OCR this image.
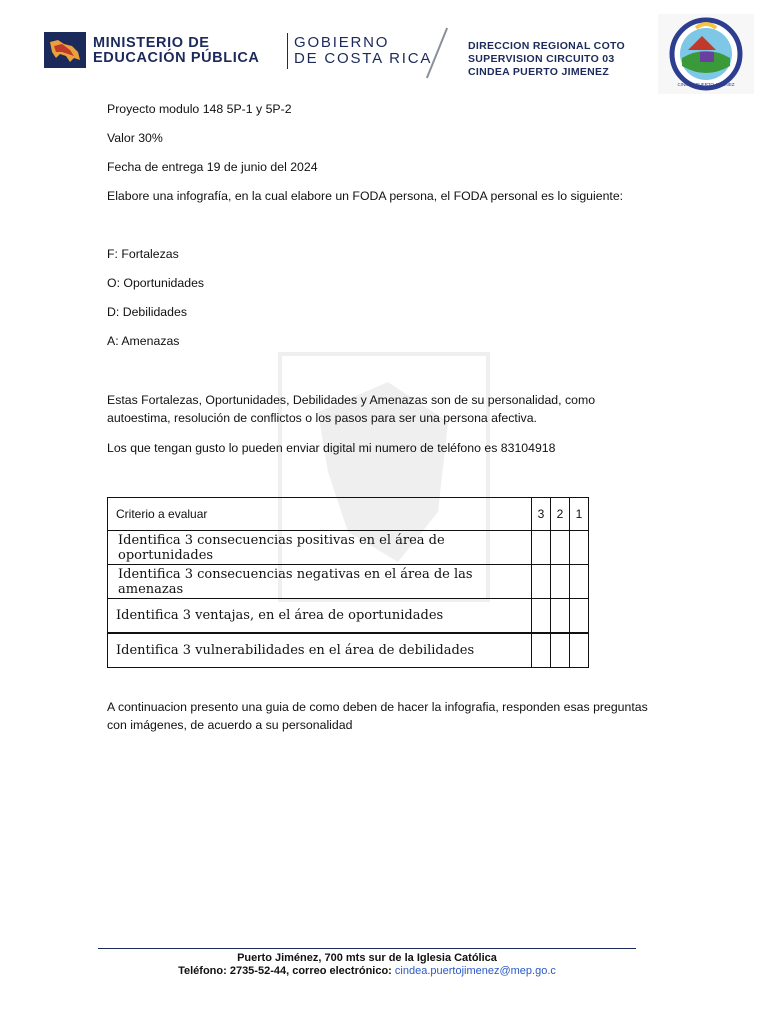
MINISTERIO DE
EDUCACIÓN PÚBLICA
GOBIERNO
DE COSTA RICA
DIRECCION REGIONAL COTO
SUPERVISION CIRCUITO 03
CINDEA PUERTO JIMENEZ
CINDEA PUERTO JIMÉNEZ
Proyecto modulo 148 5P-1 y 5P-2
Valor 30%
Fecha de entrega 19 de junio del 2024
Elabore una infografía, en la cual elabore un FODA persona, el FODA personal es lo siguiente:
F: Fortalezas
O: Oportunidades
D: Debilidades
A: Amenazas
Estas Fortalezas, Oportunidades, Debilidades y Amenazas son de su personalidad, como
autoestima, resolución de conflictos o los pasos para ser una persona afectiva.
Los que tengan gusto lo pueden enviar digital mi numero de teléfono es 83104918
Criterio a evaluar	3	2	1
Identifica 3 consecuencias positivas en el área de oportunidades			
Identifica 3 consecuencias negativas en el área de las amenazas			
Identifica 3 ventajas, en el área de oportunidades			
Identifica 3 vulnerabilidades en el área de debilidades			
A continuacion presento una guia de como deben de hacer la infografia, responden esas preguntas
con imágenes, de acuerdo a su personalidad
Puerto Jiménez, 700 mts sur de la Iglesia Católica
Teléfono: 2735-52-44, correo electrónico: cindea.puertojimenez@mep.go.c
